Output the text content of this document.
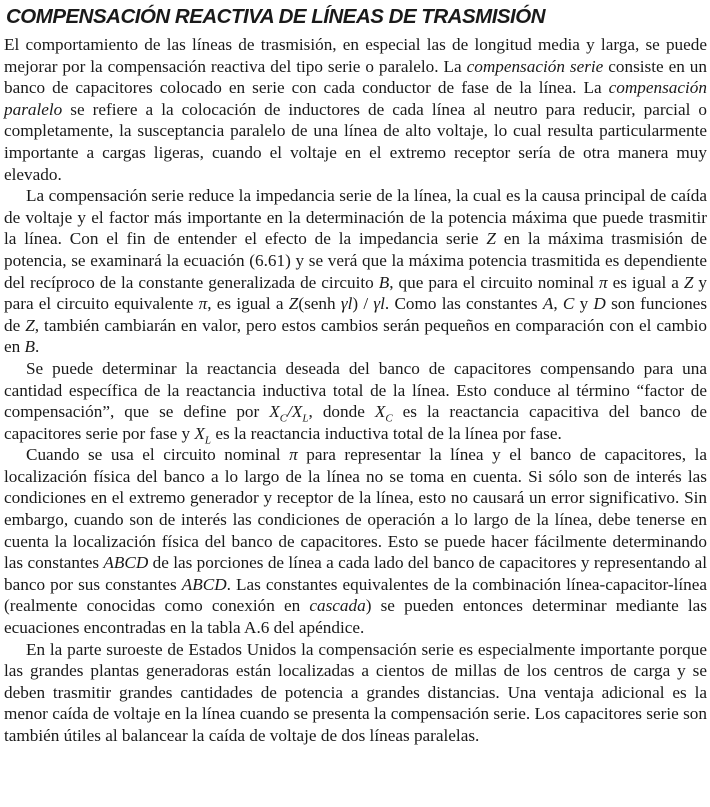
COMPENSACIÓN REACTIVA DE LÍNEAS DE TRASMISIÓN

El comportamiento de las líneas de trasmisión, en especial las de longitud media y larga, se puede mejorar por la compensación reactiva del tipo serie o paralelo. La compensación serie consiste en un banco de capacitores colocado en serie con cada conductor de fase de la línea. La compensación paralelo se refiere a la colocación de inductores de cada línea al neutro para reducir, parcial o completamente, la susceptancia paralelo de una línea de alto voltaje, lo cual resulta particularmente importante a cargas ligeras, cuando el voltaje en el extremo receptor sería de otra manera muy elevado.

La compensación serie reduce la impedancia serie de la línea, la cual es la causa principal de caída de voltaje y el factor más importante en la determinación de la potencia máxima que puede trasmitir la línea. Con el fin de entender el efecto de la impedancia serie Z en la máxima trasmisión de potencia, se examinará la ecuación (6.61) y se verá que la máxima potencia trasmitida es dependiente del recíproco de la constante generalizada de circuito B, que para el circuito nominal π es igual a Z y para el circuito equivalente π, es igual a Z(senh γl) / γl. Como las constantes A, C y D son funciones de Z, también cambiarán en valor, pero estos cambios serán pequeños en comparación con el cambio en B.

Se puede determinar la reactancia deseada del banco de capacitores compensando para una cantidad específica de la reactancia inductiva total de la línea. Esto conduce al término “factor de compensación”, que se define por $X_C/X_L$, donde $X_C$ es la reactancia capacitiva del banco de capacitores serie por fase y $X_L$ es la reactancia inductiva total de la línea por fase.

Cuando se usa el circuito nominal π para representar la línea y el banco de capacitores, la localización física del banco a lo largo de la línea no se toma en cuenta. Si sólo son de interés las condiciones en el extremo generador y receptor de la línea, esto no causará un error significativo. Sin embargo, cuando son de interés las condiciones de operación a lo largo de la línea, debe tenerse en cuenta la localización física del banco de capacitores. Esto se puede hacer fácilmente determinando las constantes ABCD de las porciones de línea a cada lado del banco de capacitores y representando al banco por sus constantes ABCD. Las constantes equivalentes de la combinación línea-capacitor-línea (realmente conocidas como conexión en cascada) se pueden entonces determinar mediante las ecuaciones encontradas en la tabla A.6 del apéndice.

En la parte suroeste de Estados Unidos la compensación serie es especialmente importante porque las grandes plantas generadoras están localizadas a cientos de millas de los centros de carga y se deben trasmitir grandes cantidades de potencia a grandes distancias. Una ventaja adicional es la menor caída de voltaje en la línea cuando se presenta la compensación serie. Los capacitores serie son también útiles al balancear la caída de voltaje de dos líneas paralelas.
